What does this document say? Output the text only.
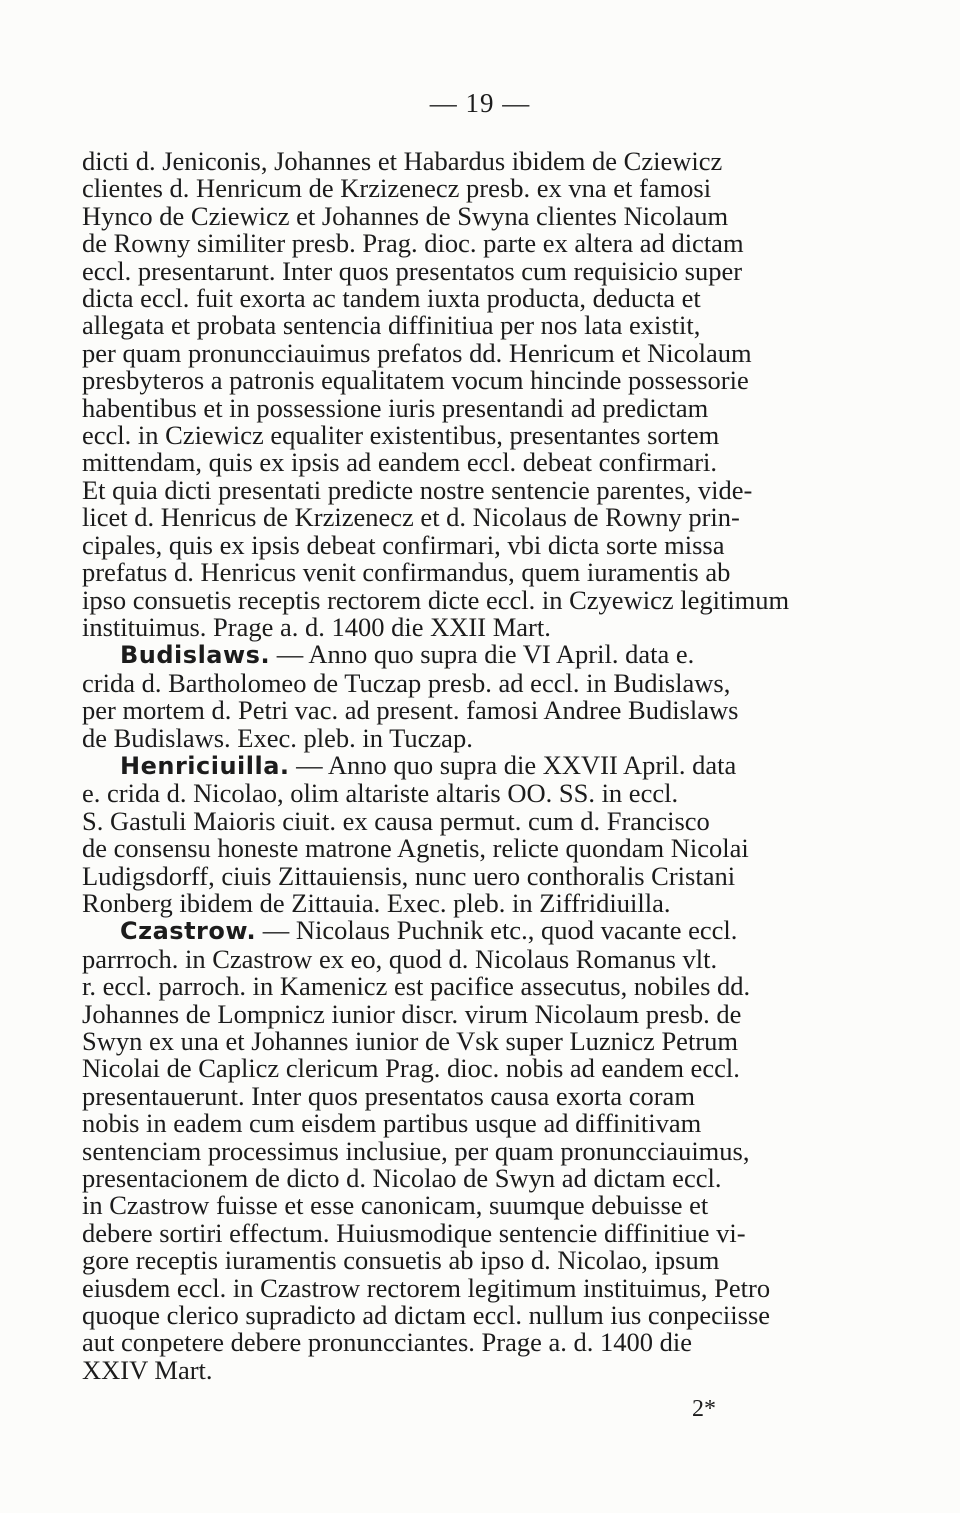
— 19 —
dicti d. Jeniconis, Johannes et Habardus ibidem de Cziewicz
clientes d. Henricum de Krzizenecz presb. ex vna et famosi
Hynco de Cziewicz et Johannes de Swyna clientes Nicolaum
de Rowny similiter presb. Prag. dioc. parte ex altera ad dictam
eccl. presentarunt. Inter quos presentatos cum requisicio super
dicta eccl. fuit exorta ac tandem iuxta producta, deducta et
allegata et probata sentencia diffinitiua per nos lata existit,
per quam pronuncciauimus prefatos dd. Henricum et Nicolaum
presbyteros a patronis equalitatem vocum hincinde possessorie
habentibus et in possessione iuris presentandi ad predictam
eccl. in Cziewicz equaliter existentibus, presentantes sortem
mittendam, quis ex ipsis ad eandem eccl. debeat confirmari.
Et quia dicti presentati predicte nostre sentencie parentes, vide-
licet d. Henricus de Krzizenecz et d. Nicolaus de Rowny prin-
cipales, quis ex ipsis debeat confirmari, vbi dicta sorte missa
prefatus d. Henricus venit confirmandus, quem iuramentis ab
ipso consuetis receptis rectorem dicte eccl. in Czyewicz legitimum
instituimus. Prage a. d. 1400 die XXII Mart.
Budislaws. — Anno quo supra die VI April. data e.
crida d. Bartholomeo de Tuczap presb. ad eccl. in Budislaws,
per mortem d. Petri vac. ad present. famosi Andree Budislaws
de Budislaws. Exec. pleb. in Tuczap.
Henriciuilla. — Anno quo supra die XXVII April. data
e. crida d. Nicolao, olim altariste altaris OO. SS. in eccl.
S. Gastuli Maioris ciuit. ex causa permut. cum d. Francisco
de consensu honeste matrone Agnetis, relicte quondam Nicolai
Ludigsdorff, ciuis Zittauiensis, nunc uero conthoralis Cristani
Ronberg ibidem de Zittauia. Exec. pleb. in Ziffridiuilla.
Czastrow. — Nicolaus Puchnik etc., quod vacante eccl.
parrroch. in Czastrow ex eo, quod d. Nicolaus Romanus vlt.
r. eccl. parroch. in Kamenicz est pacifice assecutus, nobiles dd.
Johannes de Lompnicz iunior discr. virum Nicolaum presb. de
Swyn ex una et Johannes iunior de Vsk super Luznicz Petrum
Nicolai de Caplicz clericum Prag. dioc. nobis ad eandem eccl.
presentauerunt. Inter quos presentatos causa exorta coram
nobis in eadem cum eisdem partibus usque ad diffinitivam
sentenciam processimus inclusiue, per quam pronuncciauimus,
presentacionem de dicto d. Nicolao de Swyn ad dictam eccl.
in Czastrow fuisse et esse canonicam, suumque debuisse et
debere sortiri effectum. Huiusmodique sentencie diffinitiue vi-
gore receptis iuramentis consuetis ab ipso d. Nicolao, ipsum
eiusdem eccl. in Czastrow rectorem legitimum instituimus, Petro
quoque clerico supradicto ad dictam eccl. nullum ius conpeciisse
aut conpetere debere pronuncciantes. Prage a. d. 1400 die
XXIV Mart.
2*
